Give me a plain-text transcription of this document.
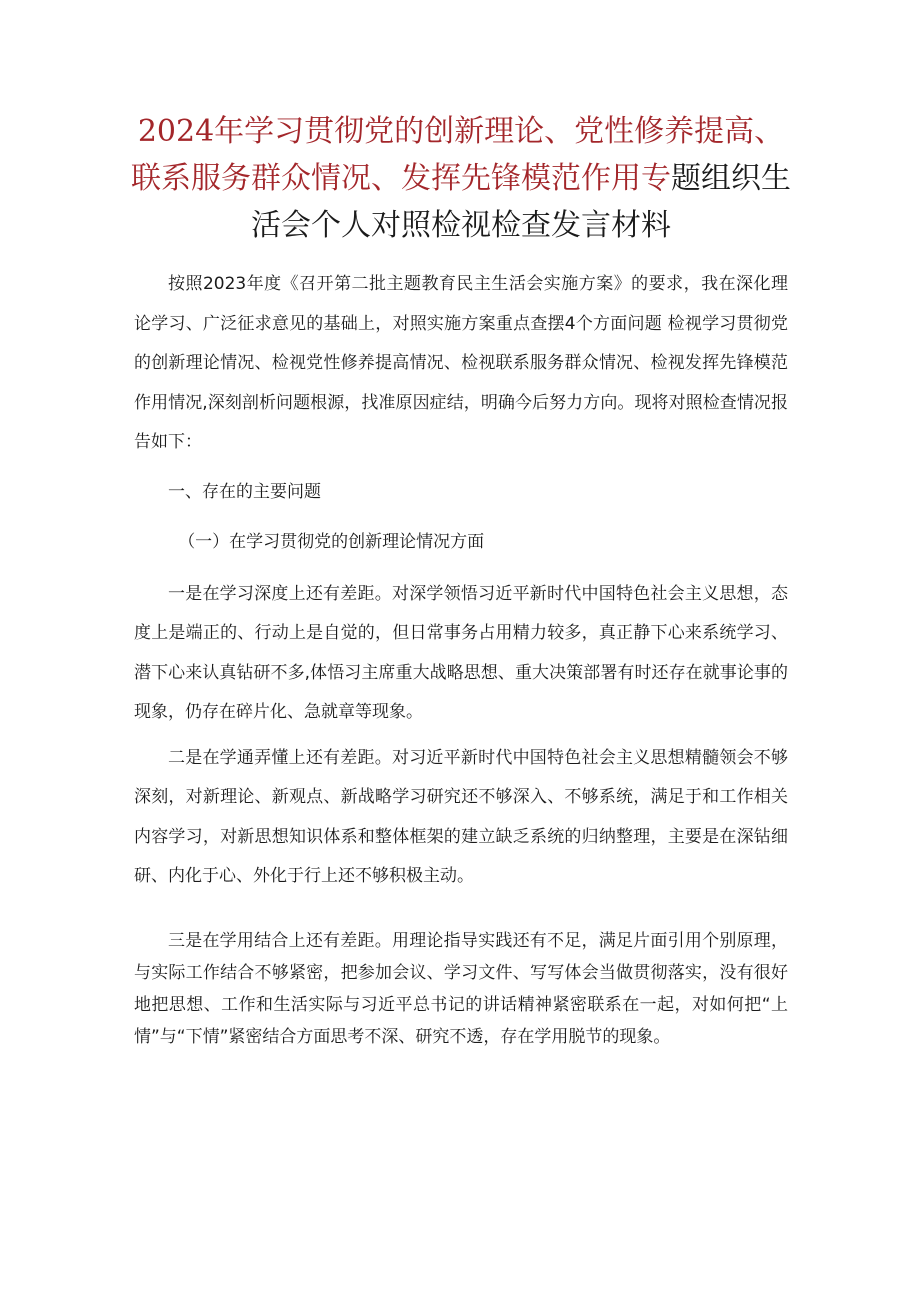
2024年学习贯彻党的创新理论、党性修养提高、联系服务群众情况、发挥先锋模范作用专题组织生活会个人对照检视检查发言材料

按照2023年度《召开第二批主题教育民主生活会实施方案》的要求，我在深化理论学习、广泛征求意见的基础上，对照实施方案重点查摆4个方面问题 检视学习贯彻党的创新理论情况、检视党性修养提高情况、检视联系服务群众情况、检视发挥先锋模范作用情况,深刻剖析问题根源，找准原因症结，明确今后努力方向。现将对照检查情况报告如下：

一、存在的主要问题

（一）在学习贯彻党的创新理论情况方面

一是在学习深度上还有差距。对深学领悟习近平新时代中国特色社会主义思想，态度上是端正的、行动上是自觉的，但日常事务占用精力较多，真正静下心来系统学习、潜下心来认真钻研不多,体悟习主席重大战略思想、重大决策部署有时还存在就事论事的现象，仍存在碎片化、急就章等现象。

二是在学通弄懂上还有差距。对习近平新时代中国特色社会主义思想精髓领会不够深刻，对新理论、新观点、新战略学习研究还不够深入、不够系统，满足于和工作相关内容学习，对新思想知识体系和整体框架的建立缺乏系统的归纳整理，主要是在深钻细研、内化于心、外化于行上还不够积极主动。

三是在学用结合上还有差距。用理论指导实践还有不足，满足片面引用个别原理，与实际工作结合不够紧密，把参加会议、学习文件、写写体会当做贯彻落实，没有很好地把思想、工作和生活实际与习近平总书记的讲话精神紧密联系在一起，对如何把“上情”与“下情”紧密结合方面思考不深、研究不透，存在学用脱节的现象。
